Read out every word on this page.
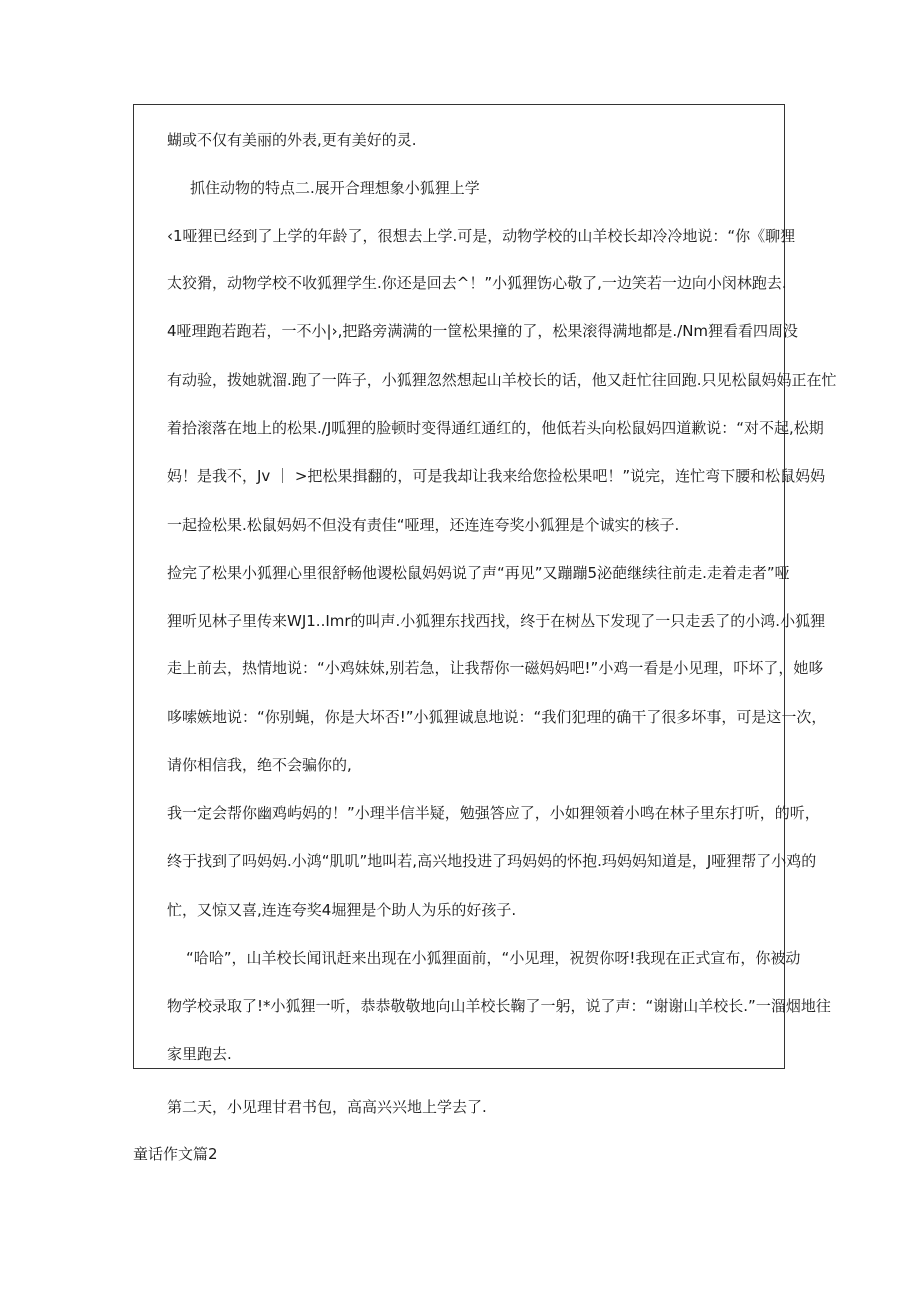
蝴或不仅有美丽的外表,更有美好的灵.
抓住动物的特点二.展开合理想象小狐狸上学
‹1哑狸已经到了上学的年龄了，很想去上学.可是，动物学校的山羊校长却冷冷地说：“你《聊狸
太狡猾，动物学校不收狐狸学生.你还是回去^！”小狐狸饬心敬了,一边笑若一边向小闵林跑去.
4哑理跑若跑若，一不小|›,把路旁满满的一筐松果撞的了，松果滚得满地都是./Nm狸看看四周没
有动验，拨她就溜.跑了一阵子，小狐狸忽然想起山羊校长的话，他又赶忙往回跑.只见松鼠妈妈正在忙
着拾滚落在地上的松果./J呱狸的脸顿时变得通红通红的，他低若头向松鼠妈四道歉说：“对不起,松期
妈！是我不，Jv ｜ >把松果揖翻的，可是我却让我来给您捡松果吧！”说完，连忙弯下腰和松鼠妈妈
一起捡松果.松鼠妈妈不但没有责佳“哑理，还连连夸奖小狐狸是个诚实的核子.
捡完了松果小狐狸心里很舒畅他谡松鼠妈妈说了声“再见”又蹦蹦5泌葩继续往前走.走着走者”哑
狸听见林子里传来WJ1..Imr的叫声.小狐狸东找西找，终于在树丛下发现了一只走丢了的小鸿.小狐狸
走上前去，热情地说：“小鸡妹妹,别若急，让我帮你一磁妈妈吧!”小鸡一看是小见理，吓坏了，她哆
哆嗦嫉地说：“你别蝇，你是大坏否!”小狐狸诚息地说：“我们犯理的确干了很多坏事，可是这一次，
请你相信我，绝不会骗你的,
我一定会帮你幽鸡屿妈的！”小理半信半疑，勉强答应了，小如狸领着小鸣在林子里东打听，的听，
终于找到了吗妈妈.小鸿“肌叽”地叫若,高兴地投进了玛妈妈的怀抱.玛妈妈知道是，J哑狸帮了小鸡的
忙，又惊又喜,连连夸奖4堀狸是个助人为乐的好孩子.
“哈哈”，山羊校长闻讯赶来出现在小狐狸面前，“小见理，祝贺你呀!我现在正式宣布，你被动
物学校录取了!*小狐狸一听，恭恭敬敬地向山羊校长鞠了一躬，说了声：“谢谢山羊校长.”一溜烟地往
家里跑去.
第二天，小见理甘君书包，高高兴兴地上学去了.
童话作文篇2
